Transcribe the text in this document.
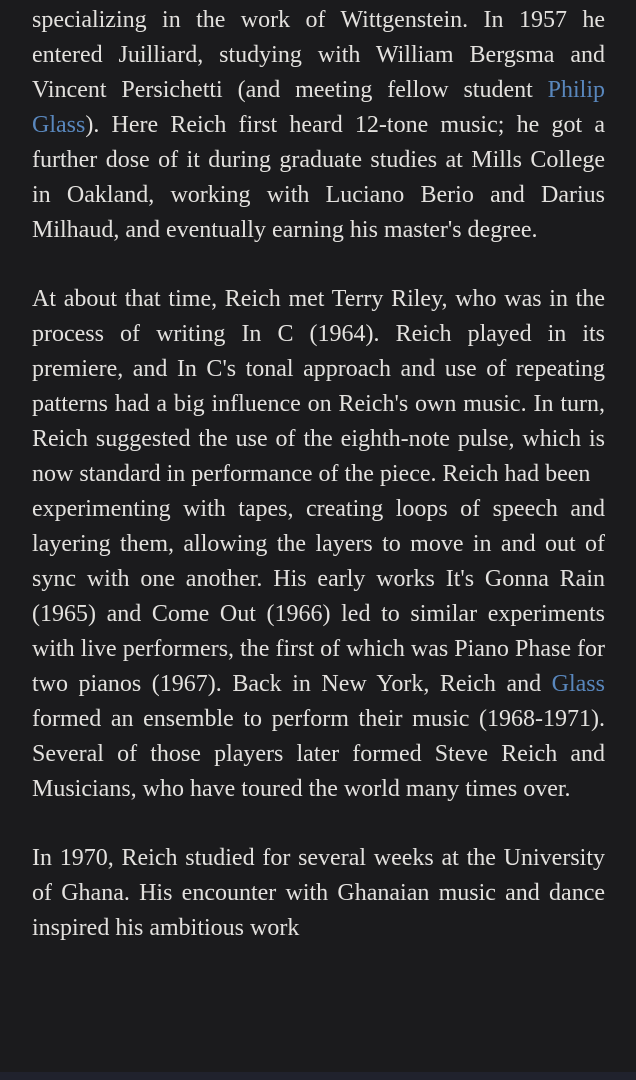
specializing in the work of Wittgenstein. In 1957 he entered Juilliard, studying with William Bergsma and Vincent Persichetti (and meeting fellow student Philip Glass). Here Reich first heard 12-tone music; he got a further dose of it during graduate studies at Mills College in Oakland, working with Luciano Berio and Darius Milhaud, and eventually earning his master's degree.

At about that time, Reich met Terry Riley, who was in the process of writing In C (1964). Reich played in its premiere, and In C's tonal approach and use of repeating patterns had a big influence on Reich's own music. In turn, Reich suggested the use of the eighth-note pulse, which is now standard in performance of the piece. Reich had been
experimenting with tapes, creating loops of speech and layering them, allowing the layers to move in and out of sync with one another. His early works It's Gonna Rain (1965) and Come Out (1966) led to similar experiments with live performers, the first of which was Piano Phase for two pianos (1967). Back in New York, Reich and Glass formed an ensemble to perform their music (1968-1971). Several of those players later formed Steve Reich and Musicians, who have toured the world many times over.

In 1970, Reich studied for several weeks at the University of Ghana. His encounter with Ghanaian music and dance inspired his ambitious work
